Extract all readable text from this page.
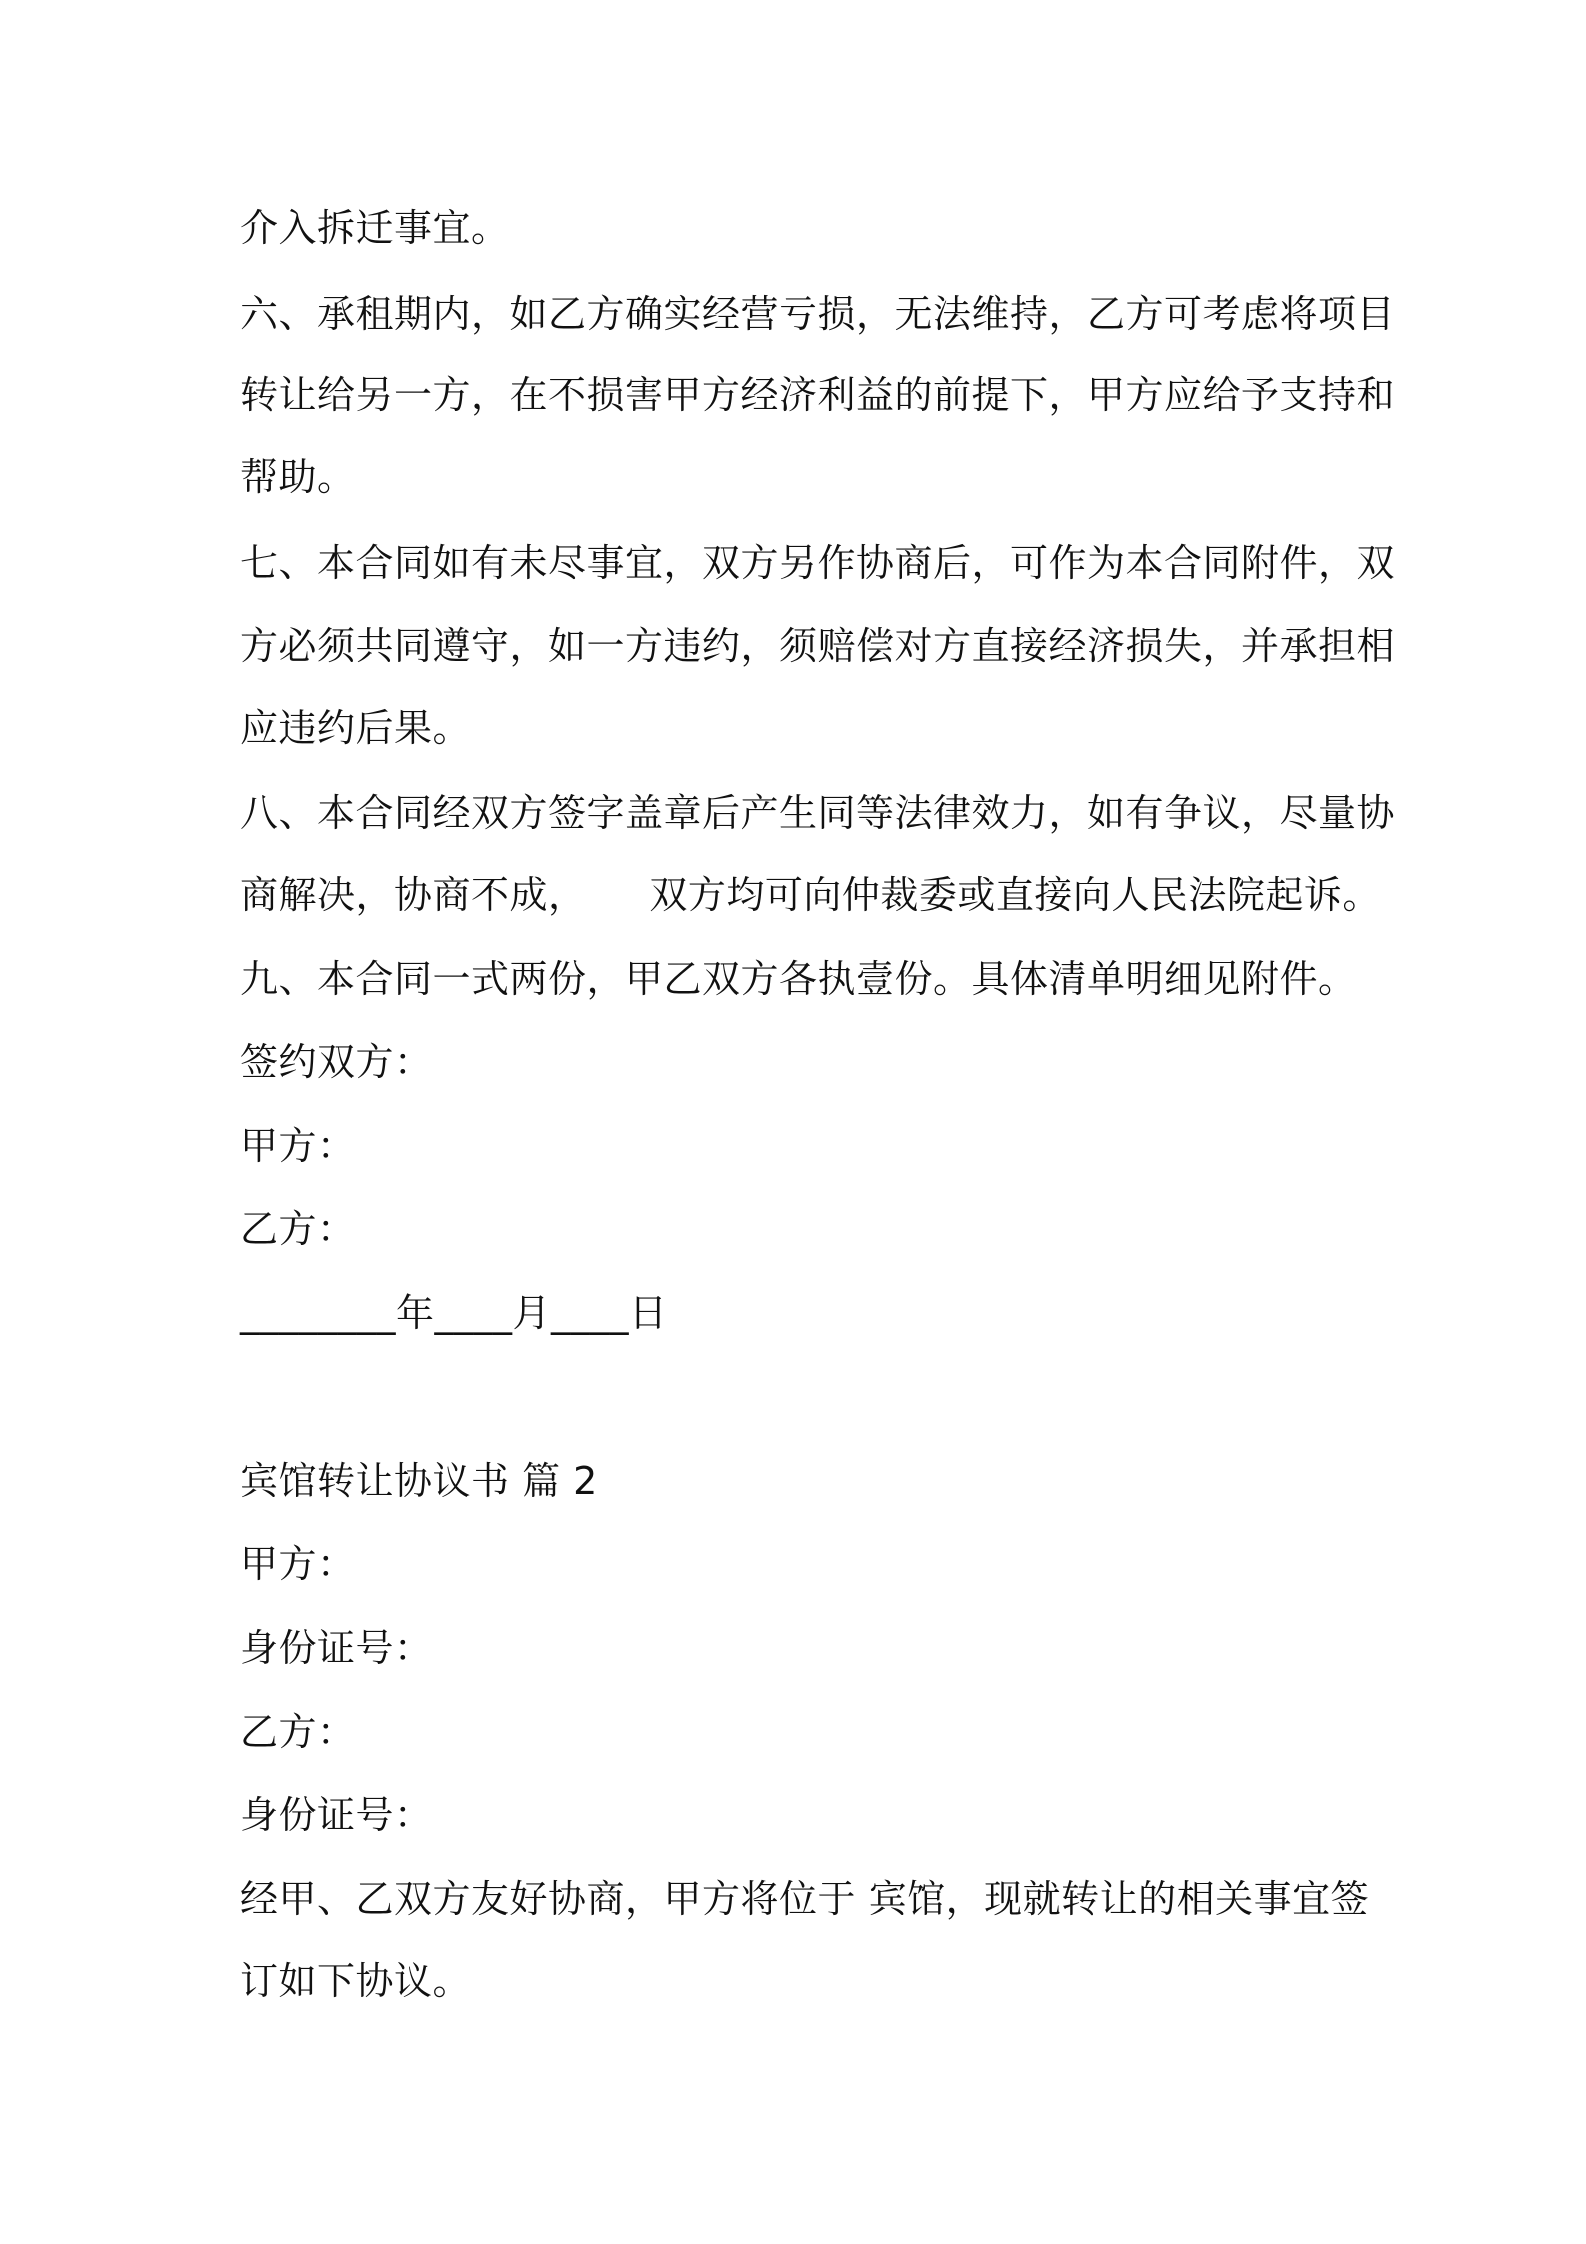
介入拆迁事宜。
六、承租期内，如乙方确实经营亏损，无法维持，乙方可考虑将项目
转让给另一方，在不损害甲方经济利益的前提下，甲方应给予支持和
帮助。
七、本合同如有未尽事宜，双方另作协商后，可作为本合同附件，双
方必须共同遵守，如一方违约，须赔偿对方直接经济损失，并承担相
应违约后果。
八、本合同经双方签字盖章后产生同等法律效力，如有争议，尽量协
商解决，协商不成，     双方均可向仲裁委或直接向人民法院起诉。
九、本合同一式两份，甲乙双方各执壹份。具体清单明细见附件。
签约双方：
甲方：
乙方：
________年____月____日
宾馆转让协议书 篇 2
甲方：
身份证号：
乙方：
身份证号：
经甲、乙双方友好协商，甲方将位于 宾馆，现就转让的相关事宜签
订如下协议。
